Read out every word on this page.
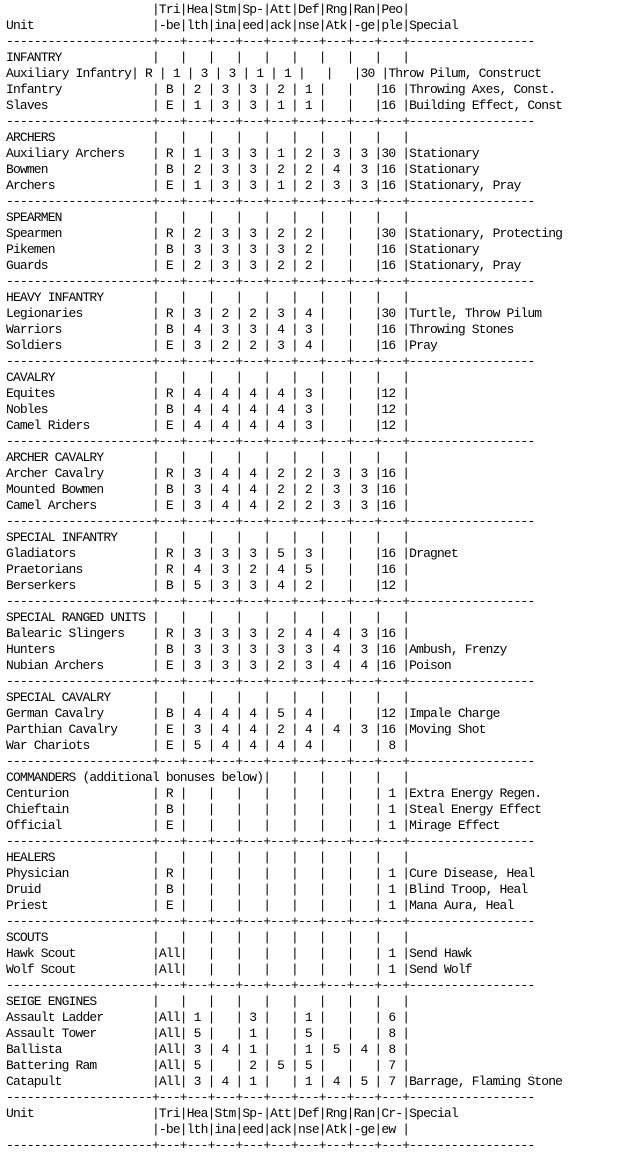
|Tri|Hea|Stm|Sp-|Att|Def|Rng|Ran|Peo|
Unit                 |-be|lth|ina|eed|ack|nse|Atk|-ge|ple|Special
---------------------+---+---+---+---+---+---+---+---+---+------------------
INFANTRY             |   |   |   |   |   |   |   |   |   |
Auxiliary Infantry| R | 1 | 3 | 3 | 1 | 1 |   |   |30 |Throw Pilum, Construct
Infantry             | B | 2 | 3 | 3 | 2 | 1 |   |   |16 |Throwing Axes, Const.
Slaves               | E | 1 | 3 | 3 | 1 | 1 |   |   |16 |Building Effect, Const
---------------------+---+---+---+---+---+---+---+---+---+------------------
ARCHERS              |   |   |   |   |   |   |   |   |   |
Auxiliary Archers    | R | 1 | 3 | 3 | 1 | 2 | 3 | 3 |30 |Stationary
Bowmen               | B | 2 | 3 | 3 | 2 | 2 | 4 | 3 |16 |Stationary
Archers              | E | 1 | 3 | 3 | 1 | 2 | 3 | 3 |16 |Stationary, Pray
---------------------+---+---+---+---+---+---+---+---+---+------------------
SPEARMEN             |   |   |   |   |   |   |   |   |   |
Spearmen             | R | 2 | 3 | 3 | 2 | 2 |   |   |30 |Stationary, Protecting
Pikemen              | B | 3 | 3 | 3 | 3 | 2 |   |   |16 |Stationary
Guards               | E | 2 | 3 | 3 | 2 | 2 |   |   |16 |Stationary, Pray
---------------------+---+---+---+---+---+---+---+---+---+------------------
HEAVY INFANTRY       |   |   |   |   |   |   |   |   |   |
Legionaries          | R | 3 | 2 | 2 | 3 | 4 |   |   |30 |Turtle, Throw Pilum
Warriors             | B | 4 | 3 | 3 | 4 | 3 |   |   |16 |Throwing Stones
Soldiers             | E | 3 | 2 | 2 | 3 | 4 |   |   |16 |Pray
---------------------+---+---+---+---+---+---+---+---+---+------------------
CAVALRY              |   |   |   |   |   |   |   |   |   |
Equites              | R | 4 | 4 | 4 | 4 | 3 |   |   |12 |
Nobles               | B | 4 | 4 | 4 | 4 | 3 |   |   |12 |
Camel Riders         | E | 4 | 4 | 4 | 4 | 3 |   |   |12 |
---------------------+---+---+---+---+---+---+---+---+---+------------------
ARCHER CAVALRY       |   |   |   |   |   |   |   |   |   |
Archer Cavalry       | R | 3 | 4 | 4 | 2 | 2 | 3 | 3 |16 |
Mounted Bowmen       | B | 3 | 4 | 4 | 2 | 2 | 3 | 3 |16 |
Camel Archers        | E | 3 | 4 | 4 | 2 | 2 | 3 | 3 |16 |
---------------------+---+---+---+---+---+---+---+---+---+------------------
SPECIAL INFANTRY     |   |   |   |   |   |   |   |   |   |
Gladiators           | R | 3 | 3 | 3 | 5 | 3 |   |   |16 |Dragnet
Praetorians          | R | 4 | 3 | 2 | 4 | 5 |   |   |16 |
Berserkers           | B | 5 | 3 | 3 | 4 | 2 |   |   |12 |
---------------------+---+---+---+---+---+---+---+---+---+------------------
SPECIAL RANGED UNITS |   |   |   |   |   |   |   |   |   |
Balearic Slingers    | R | 3 | 3 | 3 | 2 | 4 | 4 | 3 |16 |
Hunters              | B | 3 | 3 | 3 | 3 | 3 | 4 | 3 |16 |Ambush, Frenzy
Nubian Archers       | E | 3 | 3 | 3 | 2 | 3 | 4 | 4 |16 |Poison
---------------------+---+---+---+---+---+---+---+---+---+------------------
SPECIAL CAVALRY      |   |   |   |   |   |   |   |   |   |
German Cavalry       | B | 4 | 4 | 4 | 5 | 4 |   |   |12 |Impale Charge
Parthian Cavalry     | E | 3 | 4 | 4 | 2 | 4 | 4 | 3 |16 |Moving Shot
War Chariots         | E | 5 | 4 | 4 | 4 | 4 |   |   | 8 |
---------------------+---+---+---+---+---+---+---+---+---+------------------
COMMANDERS (additional bonuses below)|   |   |   |   |   |
Centurion            | R |   |   |   |   |   |   |   | 1 |Extra Energy Regen.
Chieftain            | B |   |   |   |   |   |   |   | 1 |Steal Energy Effect
Official             | E |   |   |   |   |   |   |   | 1 |Mirage Effect
---------------------+---+---+---+---+---+---+---+---+---+------------------
HEALERS              |   |   |   |   |   |   |   |   |   |
Physician            | R |   |   |   |   |   |   |   | 1 |Cure Disease, Heal
Druid                | B |   |   |   |   |   |   |   | 1 |Blind Troop, Heal
Priest               | E |   |   |   |   |   |   |   | 1 |Mana Aura, Heal
---------------------+---+---+---+---+---+---+---+---+---+------------------
SCOUTS               |   |   |   |   |   |   |   |   |   |
Hawk Scout           |All|   |   |   |   |   |   |   | 1 |Send Hawk
Wolf Scout           |All|   |   |   |   |   |   |   | 1 |Send Wolf
---------------------+---+---+---+---+---+---+---+---+---+------------------
SEIGE ENGINES        |   |   |   |   |   |   |   |   |   |
Assault Ladder       |All| 1 |   | 3 |   | 1 |   |   | 6 |
Assault Tower        |All| 5 |   | 1 |   | 5 |   |   | 8 |
Ballista             |All| 3 | 4 | 1 |   | 1 | 5 | 4 | 8 |
Battering Ram        |All| 5 |   | 2 | 5 | 5 |   |   | 7 |
Catapult             |All| 3 | 4 | 1 |   | 1 | 4 | 5 | 7 |Barrage, Flaming Stone
---------------------+---+---+---+---+---+---+---+---+---+------------------
Unit                 |Tri|Hea|Stm|Sp-|Att|Def|Rng|Ran|Cr-|Special
|-be|lth|ina|eed|ack|nse|Atk|-ge|ew |
---------------------+---+---+---+---+---+---+---+---+---+------------------
